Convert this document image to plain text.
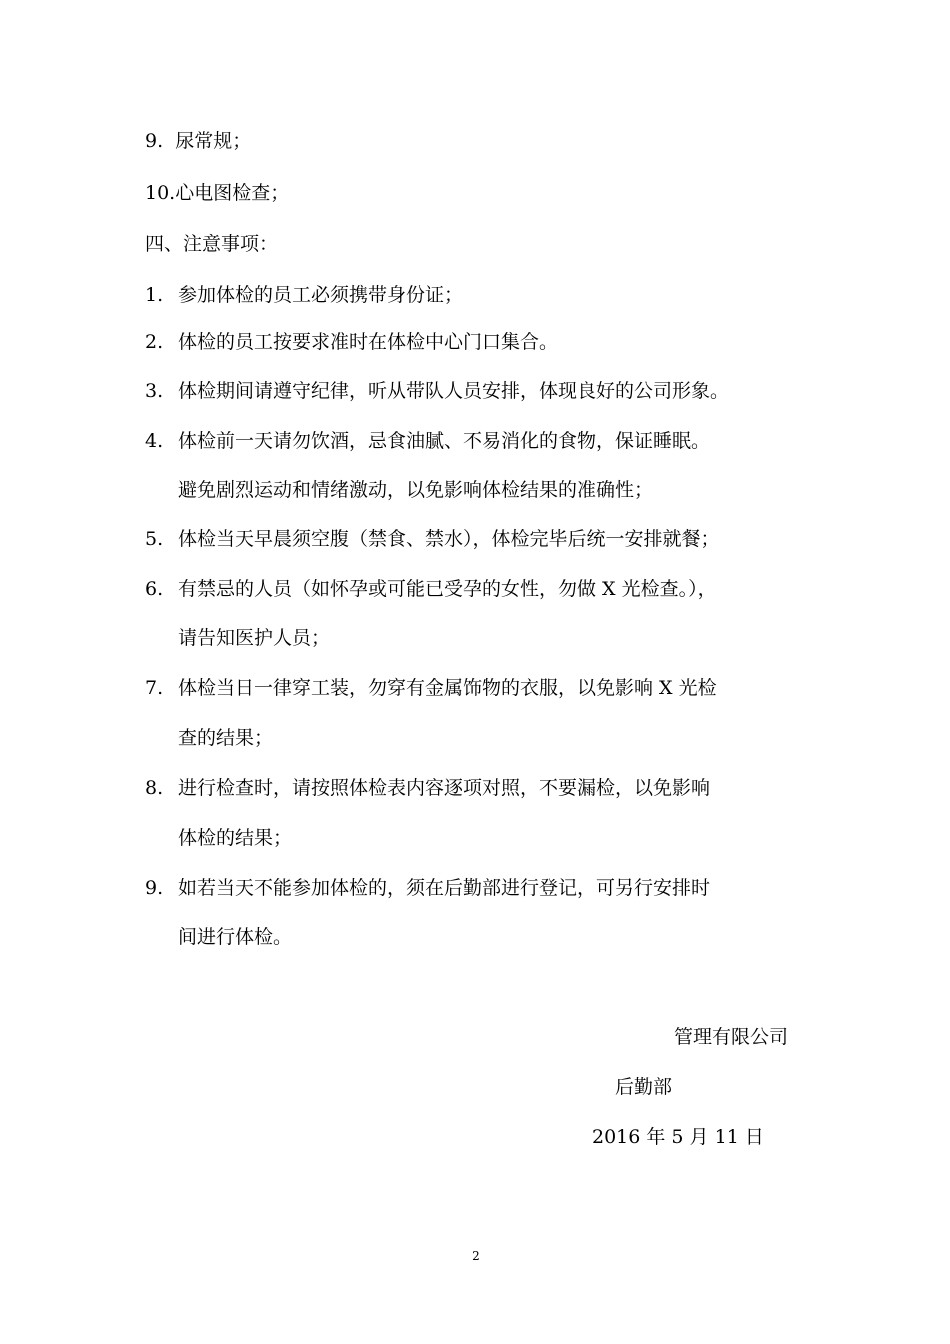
9. 尿常规；
10.心电图检查；
四、注意事项：
1. 参加体检的员工必须携带身份证；
2. 体检的员工按要求准时在体检中心门口集合。
3. 体检期间请遵守纪律，听从带队人员安排，体现良好的公司形象。
4. 体检前一天请勿饮酒，忌食油腻、不易消化的食物，保证睡眠。
避免剧烈运动和情绪激动，以免影响体检结果的准确性；
5. 体检当天早晨须空腹（禁食、禁水），体检完毕后统一安排就餐；
6. 有禁忌的人员（如怀孕或可能已受孕的女性，勿做 X 光检查。），
请告知医护人员；
7. 体检当日一律穿工装，勿穿有金属饰物的衣服，以免影响 X 光检
查的结果；
8. 进行检查时，请按照体检表内容逐项对照，不要漏检，以免影响
体检的结果；
9. 如若当天不能参加体检的，须在后勤部进行登记，可另行安排时
间进行体检。
管理有限公司
后勤部
2016 年 5 月 11 日
2
